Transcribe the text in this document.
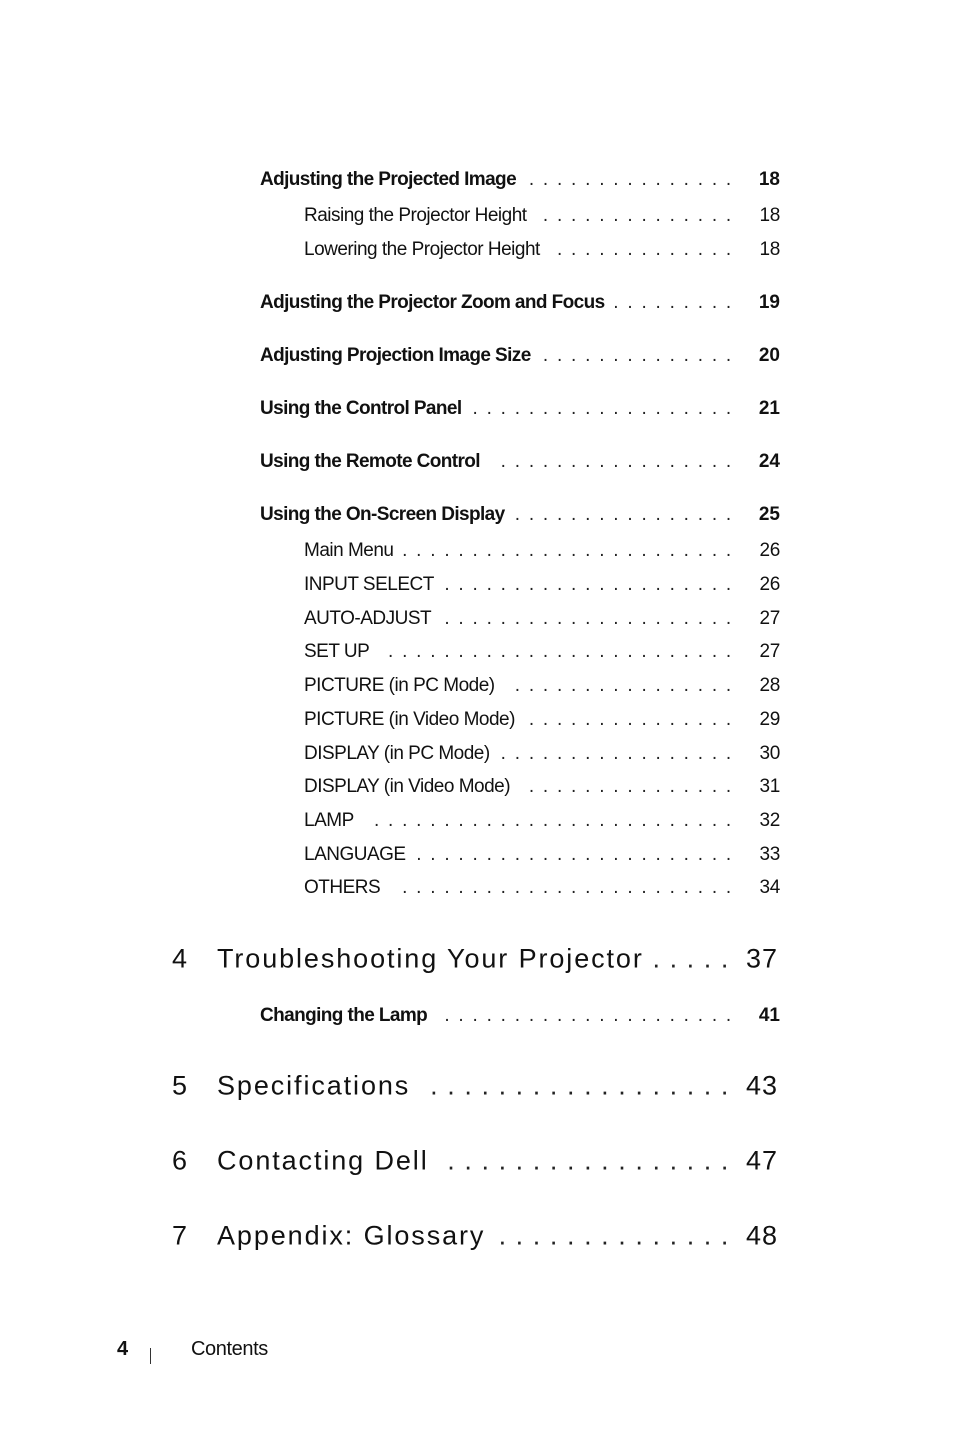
Adjusting the Projected Image ............... 18
Raising the Projector Height .............. 18
Lowering the Projector Height ............. 18
Adjusting the Projector Zoom and Focus ......... 19
Adjusting Projection Image Size .............. 20
Using the Control Panel ................... 21
Using the Remote Control ................. 24
Using the On-Screen Display ................ 25
Main Menu ........................ 26
INPUT SELECT ..................... 26
AUTO-ADJUST ..................... 27
SET UP ......................... 27
PICTURE (in PC Mode) ................ 28
PICTURE (in Video Mode) ............... 29
DISPLAY (in PC Mode) ................. 30
DISPLAY (in Video Mode) ............... 31
LAMP .......................... 32
LANGUAGE ....................... 33
OTHERS ........................ 34
4 Troubleshooting Your Projector ..... 37
Changing the Lamp ..................... 41
5 Specifications .................. 43
6 Contacting Dell ................. 47
7 Appendix: Glossary .............. 48
4	Contents
